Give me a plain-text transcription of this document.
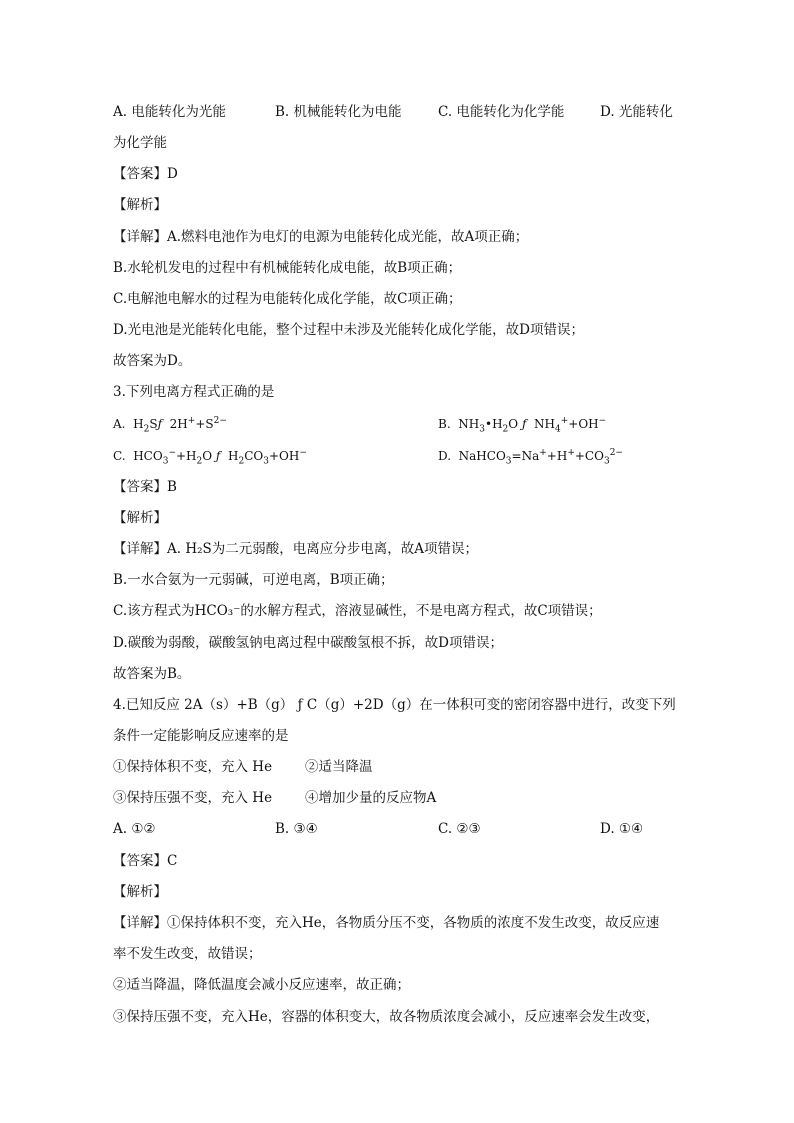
A. 电能转化为光能	B. 机械能转化为电能	C. 电能转化为化学能	D. 光能转化
为化学能
【答案】D
【解析】
【详解】A.燃料电池作为电灯的电源为电能转化成光能，故A项正确；
B.水轮机发电的过程中有机械能转化成电能，故B项正确；
C.电解池电解水的过程为电能转化成化学能，故C项正确；
D.光电池是光能转化电能，整个过程中未涉及光能转化成化学能，故D项错误；
故答案为D。
3.下列电离方程式正确的是
A. $H_2Sƒ$ $2H^++S^{2-}$	B. $NH_3•H_2O$ ƒ $NH_4^++OH^-$
C. $HCO_3^-+H_2O$ ƒ $H_2CO_3+OH^-$	D. $NaHCO_3=Na^++H^++CO_3^{2-}$
【答案】B
【解析】
【详解】A. H₂S为二元弱酸，电离应分步电离，故A项错误；
B.一水合氨为一元弱碱，可逆电离，B项正确；
C.该方程式为HCO₃⁻的水解方程式，溶液显碱性，不是电离方程式，故C项错误；
D.碳酸为弱酸，碳酸氢钠电离过程中碳酸氢根不拆，故D项错误；
故答案为B。
4.已知反应 2A（s）+B（g） ƒ C（g）+2D（g）在一体积可变的密闭容器中进行，改变下列
条件一定能影响反应速率的是
①保持体积不变，充入 He ②适当降温
③保持压强不变，充入 He ④增加少量的反应物A
A. ①②	B. ③④	C. ②③	D. ①④
【答案】C
【解析】
【详解】①保持体积不变，充入He，各物质分压不变，各物质的浓度不发生改变，故反应速
率不发生改变，故错误；
②适当降温，降低温度会减小反应速率，故正确；
③保持压强不变，充入He，容器的体积变大，故各物质浓度会减小，反应速率会发生改变，
